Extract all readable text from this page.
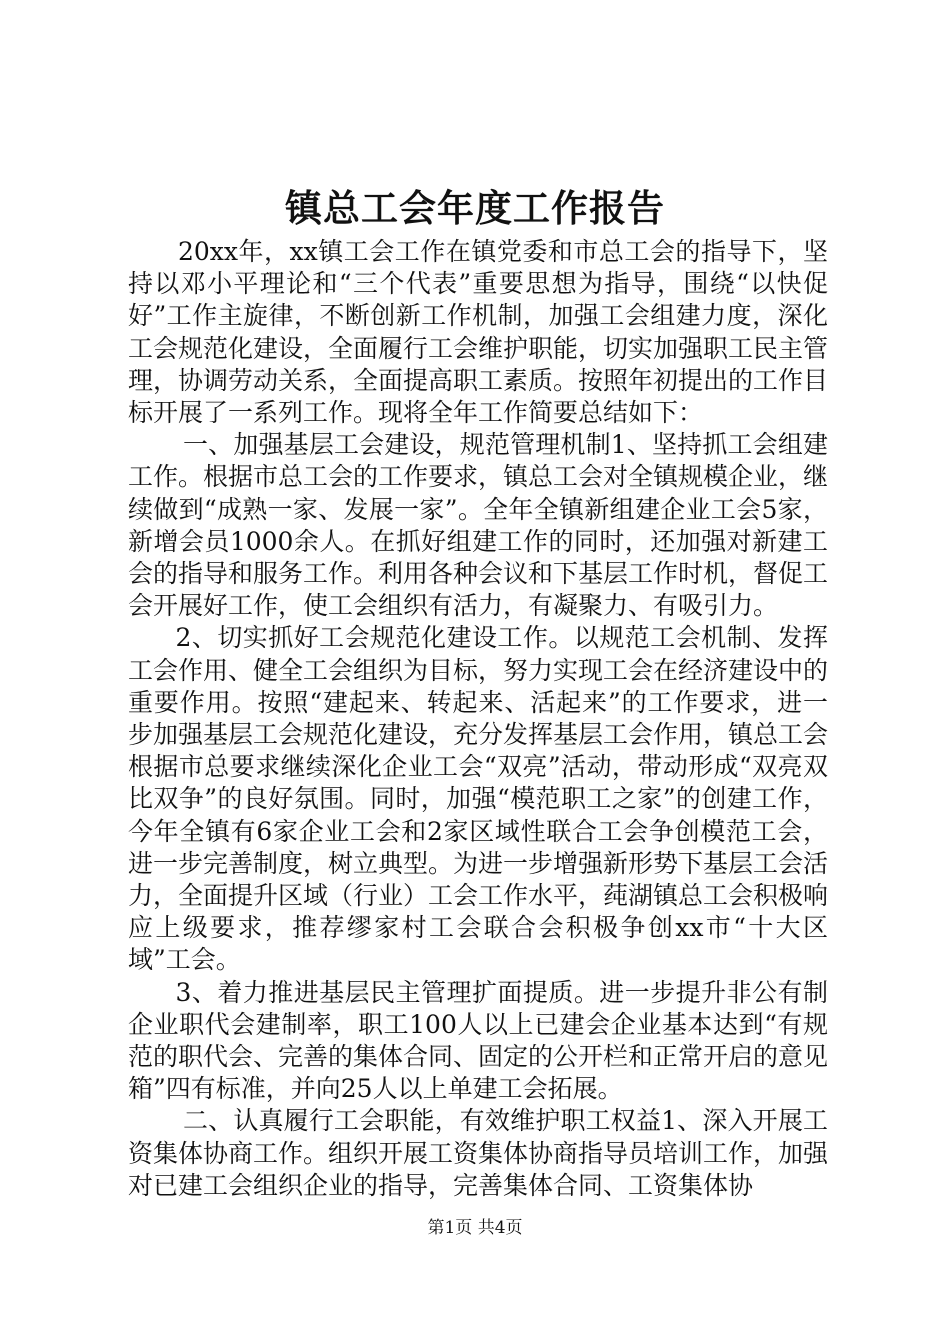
镇总工会年度工作报告

20xx年，xx镇工会工作在镇党委和市总工会的指导下，坚持以邓小平理论和“三个代表”重要思想为指导，围绕“以快促好”工作主旋律，不断创新工作机制，加强工会组建力度，深化工会规范化建设，全面履行工会维护职能，切实加强职工民主管理，协调劳动关系，全面提高职工素质。按照年初提出的工作目标开展了一系列工作。现将全年工作简要总结如下：

一、加强基层工会建设，规范管理机制1、坚持抓工会组建工作。根据市总工会的工作要求，镇总工会对全镇规模企业，继续做到“成熟一家、发展一家”。全年全镇新组建企业工会5家，新增会员1000余人。在抓好组建工作的同时，还加强对新建工会的指导和服务工作。利用各种会议和下基层工作时机，督促工会开展好工作，使工会组织有活力，有凝聚力、有吸引力。

2、切实抓好工会规范化建设工作。以规范工会机制、发挥工会作用、健全工会组织为目标，努力实现工会在经济建设中的重要作用。按照“建起来、转起来、活起来”的工作要求，进一步加强基层工会规范化建设，充分发挥基层工会作用，镇总工会根据市总要求继续深化企业工会“双亮”活动，带动形成“双亮双比双争”的良好氛围。同时，加强“模范职工之家”的创建工作，今年全镇有6家企业工会和2家区域性联合工会争创模范工会，进一步完善制度，树立典型。为进一步增强新形势下基层工会活力，全面提升区域（行业）工会工作水平，莼湖镇总工会积极响应上级要求，推荐缪家村工会联合会积极争创xx市“十大区域”工会。

3、着力推进基层民主管理扩面提质。进一步提升非公有制企业职代会建制率，职工100人以上已建会企业基本达到“有规范的职代会、完善的集体合同、固定的公开栏和正常开启的意见箱”四有标准，并向25人以上单建工会拓展。

二、认真履行工会职能，有效维护职工权益1、深入开展工资集体协商工作。组织开展工资集体协商指导员培训工作，加强对已建工会组织企业的指导，完善集体合同、工资集体协

第1页 共4页
